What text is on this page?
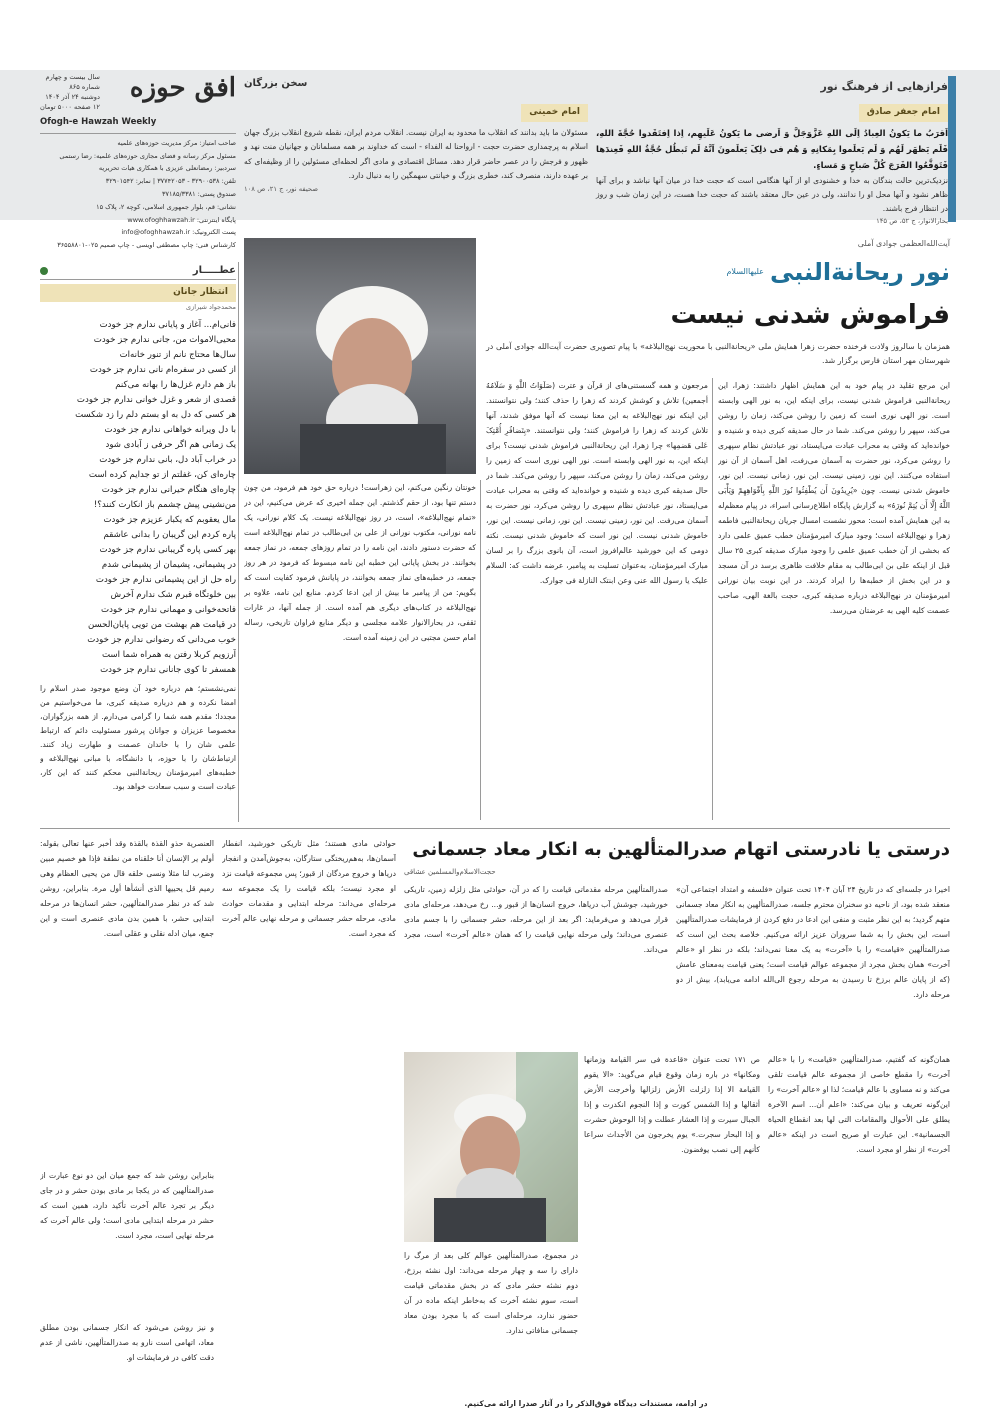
فرازهایی از فرهنگ نور
امام جعفر صادق
اَقرَبُ ما یَکونُ العِبادُ اِلَی اللهِ عَزَّوَجَلَّ وَ اَرضی ما یَکونُ عَلَیهِم، اِذا اِفتَقَدوا حُجَّةَ اللهِ، فَلَم یَظهَر لَهُم وَ لَم یَعلَموا بِمَکانِهِ وَ هُم فی ذلِکَ یَعلَمونَ اَنَّهُ لَم تَبطُل حُجَّةُ اللهِ فَعِندَها فَتَوَقَّعُوا الفَرَجَ کُلَّ صَباحٍ وَ مَساءٍ.
نزدیک‌ترین حالت بندگان به خدا و خشنودی او از آنها هنگامی است که حجت خدا در میان آنها نباشد و برای آنها ظاهر نشود و آنها محل او را ندانند، ولی در عین حال معتقد باشند که حجت خدا هست، در این زمان شب و روز در انتظار فرج باشند.
بحارالانوار، ج ۵۲، ص ۱۴۵
سخن بزرگان
امام خمینی
مسئولان ما باید بدانند که انقلاب ما محدود به ایران نیست. انقلاب مردم ایران، نقطه شروع انقلاب بزرگ جهان اسلام به پرچمداری حضرت حجت - ارواحنا له الفداء - است که خداوند بر همه مسلمانان و جهانیان منت نهد و ظهور و فرجش را در عصر حاضر قرار دهد. مسائل اقتصادی و مادی اگر لحظه‌ای مسئولین را از وظیفه‌ای که بر عهده دارند، منصرف کند، خطری بزرگ و خیانتی سهمگین را به دنبال دارد.
صحیفه نور، ج ۲۱، ص ۱۰۸
افق حوزه
سال بیست و چهارم
شماره ۸۶۵
دوشنبه ۲۴ آذر ۱۴۰۴
۱۲ صفحه ۵۰۰۰ تومان
Ofogh-e Hawzah Weekly
صاحب امتیاز: مرکز مدیریت حوزه‌های علمیه
مسئول مرکز رسانه و فضای مجازی حوزه‌های علمیه: رضا رستمی
سردبیر: رمضانعلی عزیزی با همکاری هیات تحریریه
تلفن: ۳۲۹۰۰۵۳۸ - ۳۷۷۴۲۰۵۳ | نمابر: ۳۲۹۰۱۵۴۲
صندوق پستی: ۳۷۱۸۵/۳۳۸۱
نشانی: قم، بلوار جمهوری اسلامی، کوچه ۲، پلاک ۱۵
پایگاه اینترنتی: www.ofoghhawzah.ir
پست الکترونیک: info@ofoghhawzah.ir
کارشناس فنی: چاپ مصطفی اویسی - چاپ صمیم ۰۲۵-۳۶۵۵۸۸۰۱
عطـــــار
انتظار جانان
محمدجواد شیرازی
فانی‌ام... آغاز و پایانی ندارم جز خودت
محیی‌الاموات من، جانی ندارم جز خودت
سال‌ها محتاج نانم از تنور خانه‌ات
از کسی در سفره‌ام نانی ندارم جز خودت
باز هم دارم غزل‌ها را بهانه می‌کنم
قصدی از شعر و غزل خوانی ندارم جز خودت
هر کسی که دل به او بستم دلم را زد شکست
با دل ویرانه خواهانی ندارم جز خودت
یک زمانی هم اگر حرفی ز آبادی شود
در خراب آباد دل، بانی ندارم جز خودت
چاره‌ای کن، غفلتم از تو جدایم کرده است
چاره‌ای هنگام حیرانی ندارم جز خودت
من‌نشینی پیش چشمم باز انکارت کنند؟!
مال یعقوبم که یکبار عزیزم جز خودت
پاره کردم این گریبان را بدانی عاشقم
بهر کسی پاره گریبانی ندارم جز خودت
در پشیمانی، پشیمان از پشیمانی شدم
راه حل از این پشیمانی ندارم جز خودت
بین خلوتگاه قبرم شک ندارم آخرش
فاتحه‌خوانی و مهمانی ندارم جز خودت
در قیامت هم بهشت من تویی پایان‌الحسن
خوب می‌دانی که رضوانی ندارم جز خودت
آرزویم کربلا رفتن به همراه شما است
همسفر تا کوی جانانی ندارم جز خودت
آیت‌الله‌العظمی جوادی آملی
نور ریحانة‌النبی
علیهاالسلام
فراموش شدنی نیست
همزمان با سالروز ولادت فرخنده حضرت زهرا همایش ملی «ریحانة‌النبی با محوریت نهج‌البلاغه» با پیام تصویری حضرت آیت‌الله جوادی آملی در شهرستان مهر استان فارس برگزار شد.
این مرجع تقلید در پیام خود به این همایش اظهار داشتند: زهرا، این ریحانة‌النبی فراموش شدنی نیست، برای اینکه این، به نور الهی وابسته است. نور الهی نوری است که زمین را روشن می‌کند، زمان را روشن می‌کند، سپهر را روشن می‌کند. شما در حال صدیقه کبری دیده و شنیده و خوانده‌اید که وقتی به محراب عبادت می‌ایستاد، نور عبادتش نظام سپهری را روشن می‌کرد، نور حضرت به آسمان می‌رفت، اهل آسمان از آن نور استفاده می‌کنند. این نور، زمینی نیست. این نور، زمانی نیست. این نور، خاموش شدنی نیست. چون «یُرِیدُونَ أَن یُطْفِئُوا نُورَ اللَّهِ بِأَفْوَاهِهِمْ وَیَأْبَی اللَّهُ إِلَّا أَن یُتِمَّ نُورَهُ» به گزارش پایگاه اطلاع‌رسانی اسراء، در پیام معظم‌له به این همایش آمده است: محور نشست امسال جریان ریحانة‌النبی فاطمه زهرا و نهج‌البلاغه است؛ وجود مبارک امیرمؤمنان خطب عمیق علمی دارد که بخشی از آن خطب عمیق علمی را وجود مبارک صدیقه کبری ۲۵ سال قبل از اینکه علی بن ابی‌طالب به مقام خلافت ظاهری برسد در آن مسجد و در این بخش از خطبه‌ها را ایراد کردند. در این نوبت بیان نورانی امیرمؤمنان در نهج‌البلاغه درباره صدیقه کبری، حجت بالغة الهی، صاحب عصمت کلیه الهی به عرضتان می‌رسد.
مرجعون و همه گسستنی‌های از قرآن و عترت (صَلَوَاتُ اللَّهِ وَ سَلَامُهُ أجمعین) تلاش و کوشش کردند که زهرا را حذف کنند؛ ولی نتوانستند. این اینکه نور نهج‌البلاغه به این معنا نیست که آنها موفق شدند، آنها تلاش کردند که زهرا را فراموش کنند؛ ولی نتوانستند. «بِتَضافُرِ أُمَّتِکَ عَلی هَضمِها» چرا زهرا، این ریحانة‌النبی فراموش شدنی نیست؟ برای اینکه این، به نور الهی وابسته است. نور الهی نوری است که زمین را روشن می‌کند، زمان را روشن می‌کند، سپهر را روشن می‌کند. شما در حال صدیقه کبری دیده و شنیده و خوانده‌اید که وقتی به محراب عبادت می‌ایستاد، نور عبادتش نظام سپهری را روشن می‌کرد، نور حضرت به آسمان می‌رفت. این نور، زمینی نیست. این نور، زمانی نیست. این نور، خاموش شدنی نیست. این نور است که خاموش شدنی نیست. نکته دومی که این خورشید عالم‌افروز است، آن بانوی بزرگ را بر لسان مبارک امیرمؤمنان، به‌عنوان تسلیت به پیامبر، عرضه داشت که: السلام علیک یا رسول الله عنی وعن ابنتک النازلة فی جوارک.
خونتان رنگین می‌کنم، این زهراست! درباره حق خود هم فرمود، من چون دستم تنها بود، از حقم گذشتم. این جمله اخیری که عرض می‌کنیم، این در «تمام نهج‌البلاغه»، است، در روز نهج‌البلاغه نیست. یک کلام نورانی، یک نامه نورانی، مکتوب نورانی از علی بن ابی‌طالب در تمام نهج‌البلاغه است که حضرت دستور دادند، این نامه را در تمام روزهای جمعه، در نماز جمعه بخوانند. در بخش پایانی این خطبه این نامه مبسوط که فرمود در هر روز جمعه، در خطبه‌های نماز جمعه بخوانند، در پایانش فرمود کفایت است که بگویم: من از پیامبر ما بیش از این ادعا کردم. منابع این نامه، علاوه بر نهج‌البلاغه در کتاب‌های دیگری هم آمده است. از جمله آنها، در غارات ثقفی، در بحارالانوار علامه مجلسی و دیگر منابع فراوان تاریخی، رساله امام حسن مجتبی در این زمینه آمده است.
نمی‌نشستم؛ هم درباره خود آن وضع موجود صدر اسلام را امضا نکرده و هم درباره صدیقه کبری، ما می‌خواستیم من مجددا؛ مقدم همه شما را گرامی می‌دارم. از همه بزرگواران، مخصوصا عزیزان و جوانان پرشور مسئولیت دائم که ارتباط علمی شان را با خاندان عصمت و طهارت زیاد کنند. ارتباط‌شان را با حوزه، با دانشگاه، با مبانی نهج‌البلاغه و خطبه‌های امیرمؤمنان ریحانة‌النبی محکم کنند که این کار، عبادت است و سبب سعادت خواهد بود.
درستی یا نادرستی اتهام صدرالمتألهین به انکار معاد جسمانی
حجت‌الاسلام‌والمسلمین عشاقی
اخیرا در جلسه‌ای که در تاریخ ۲۴ آبان ۱۴۰۴ تحت عنوان «فلسفه و امتداد اجتماعی آن» منعقد شده بود، از ناحیه دو سخنران محترم جلسه، صدرالمتألهین به انکار معاد جسمانی متهم گردید؛ به این نظر مثبت و منفی این ادعا در دفع کردن از فرمایشات صدرالمتألهین است، این بخش را به شما سروران عزیز ارائه می‌کنیم. خلاصه بحث این است که صدرالمتألهین «قیامت» را با «آخرت» به یک معنا نمی‌داند؛ بلکه در نظر او «عالم آخرت» همان بخش مجرد از مجموعه عوالم قیامت است؛ یعنی قیامت به‌معنای عامش (که از پایان عالم برزخ تا رسیدن به مرحله رجوع الی‌الله ادامه می‌یابد)، بیش از دو مرحله دارد.
صدرالمتألهین مرحله مقدماتی قیامت را که در آن، حوادثی مثل زلزله زمین، تاریکی خورشید، جوشش آب دریاها، خروج انسان‌ها از قبور و... رخ می‌دهد، مرحله‌ای مادی قرار می‌دهد و می‌فرماید: اگر بعد از این مرحله، حشر جسمانی را با جسم مادی عنصری می‌داند؛ ولی مرحله نهایی قیامت را که همان «عالم آخرت» است، مجرد می‌داند.
همان‌گونه که گفتیم، صدرالمتألهین «قیامت» را با «عالم آخرت» را مقطع خاصی از مجموعه عالم قیامت تلقی می‌کند و نه مساوی با عالم قیامت؛ لذا او «عالم آخرت» را این‌گونه تعریف و بیان می‌کند: «اعلم أن... اسم الآخرة یطلق علی الأحوال والمقامات التی لها بعد انقطاع الحیاة الجسمانیة». این عبارت او صریح است در اینکه «عالم آخرت» از نظر او مجرد است.
ص ۱۷۱ تحت عنوان «قاعدة فی سر القیامة وزمانها ومکانها» در باره زمان وقوع قیام می‌گوید: «الا یقوم القیامة الا إذا زلزلت الأرض زلزالها وأخرجت الأرض أثقالها و إذا الشمس کورت و إذا النجوم انکدرت و إذا الجبال سیرت و إذا العشار عطلت و إذا الوحوش حشرت و إذا البحار سجرت.» یوم یخرجون من الأجداث سراعا کأنهم إلی نصب یوفضون.
در مجموع، صدرالمتألهین عوالم کلی بعد از مرگ را دارای را سه و چهار مرحله می‌داند: اول نشئه برزخ، دوم نشئه حشر مادی که در بخش مقدماتی قیامت است، سوم نشئه آخرت که به‌خاطر اینکه ماده در آن حضور ندارد، مرحله‌ای است که با مجرد بودن معاد جسمانی منافاتی ندارد.
حوادثی مادی هستند؛ مثل تاریکی خورشید، انفطار آسمان‌ها، به‌هم‌ریختگی ستارگان، به‌جوش‌آمدن و انفجار دریاها و خروج مردگان از قبور؛ پس مجموعه قیامت نزد او مجرد نیست؛ بلکه قیامت را یک مجموعه سه مرحله‌ای می‌داند: مرحله ابتدایی و مقدمات حوادث مادی، مرحله حشر جسمانی و مرحله نهایی عالم آخرت که مجرد است.
العنصریة حذو القذة بالقذة وقد أخبر عنها تعالی بقوله: أولم یر الإنسان أنا خلقناه من نطفة فإذا هو خصیم مبین وضرب لنا مثلا ونسی خلقه قال من یحیی العظام وهی رمیم قل یحییها الذی أنشأها أول مرة. بنابراین، روشن شد که در نظر صدرالمتألهین، حشر انسان‌ها در مرحله ابتدایی حشر، با همین بدن مادی عنصری است و این جمع، میان ادله نقلی و عقلی است.
بنابراین روشن شد که جمع میان این دو نوع عبارت از صدرالمتألهین که در یکجا بر مادی بودن حشر و در جای دیگر بر تجرد عالم آخرت تأکید دارد، همین است که حشر در مرحله ابتدایی مادی است؛ ولی عالم آخرت که مرحله نهایی است، مجرد است.
و نیز روشن می‌شود که انکار جسمانی بودن مطلق معاد، اتهامی است نارو به صدرالمتألهین، ناشی از عدم دقت کافی در فرمایشات او.
در ادامه، مستندات دیدگاه فوق‌الذکر را در آثار صدرا ارائه می‌کنیم.
